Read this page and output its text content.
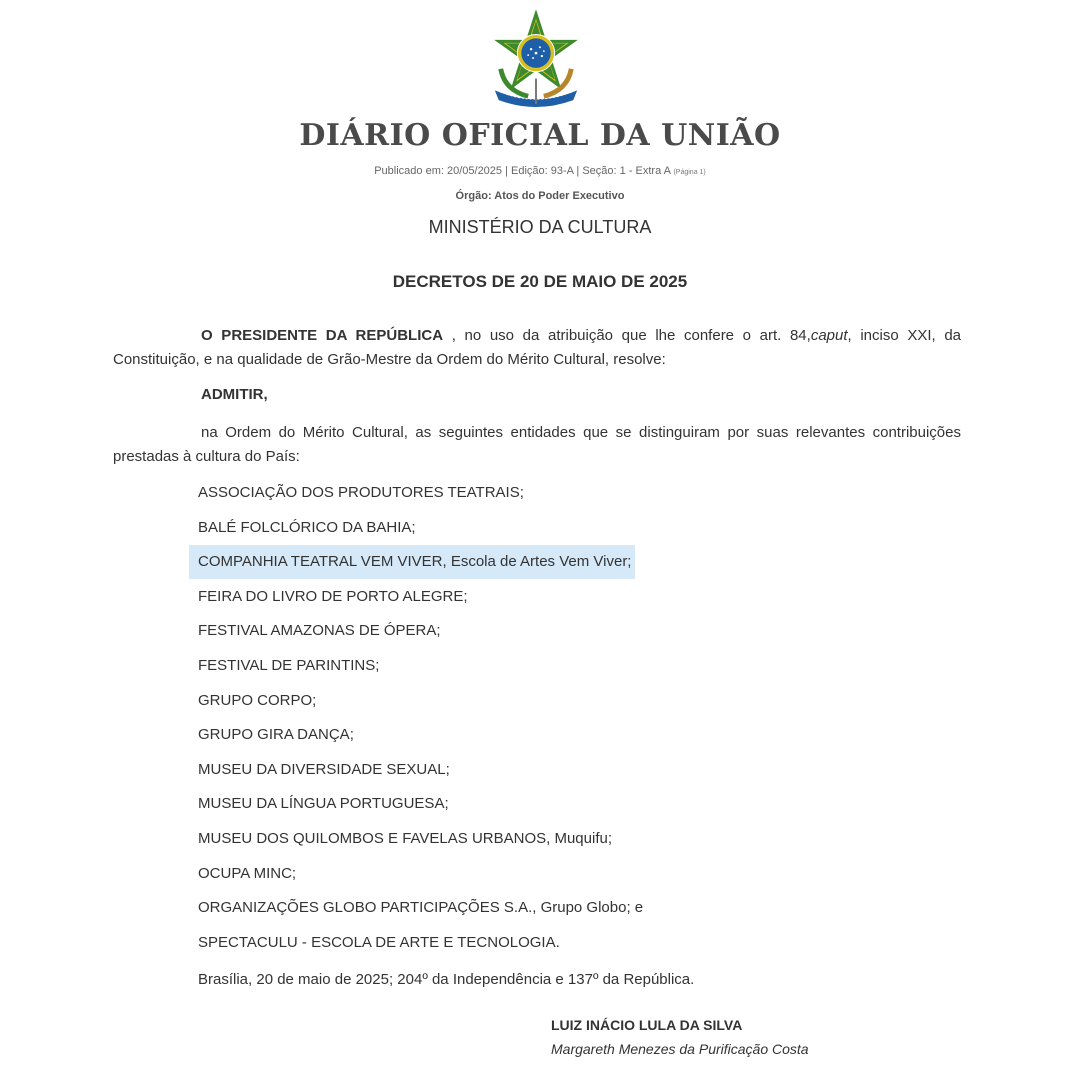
DIÁRIO OFICIAL DA UNIÃO
Publicado em: 20/05/2025 | Edição: 93-A | Seção: 1 - Extra A (Página 1)
Órgão: Atos do Poder Executivo
MINISTÉRIO DA CULTURA
DECRETOS DE 20 DE MAIO DE 2025
O PRESIDENTE DA REPÚBLICA , no uso da atribuição que lhe confere o art. 84,caput, inciso XXI, da Constituição, e na qualidade de Grão-Mestre da Ordem do Mérito Cultural, resolve:
ADMITIR,
na Ordem do Mérito Cultural, as seguintes entidades que se distinguiram por suas relevantes contribuições prestadas à cultura do País:
ASSOCIAÇÃO DOS PRODUTORES TEATRAIS;
BALÉ FOLCLÓRICO DA BAHIA;
COMPANHIA TEATRAL VEM VIVER, Escola de Artes Vem Viver;
FEIRA DO LIVRO DE PORTO ALEGRE;
FESTIVAL AMAZONAS DE ÓPERA;
FESTIVAL DE PARINTINS;
GRUPO CORPO;
GRUPO GIRA DANÇA;
MUSEU DA DIVERSIDADE SEXUAL;
MUSEU DA LÍNGUA PORTUGUESA;
MUSEU DOS QUILOMBOS E FAVELAS URBANOS, Muquifu;
OCUPA MINC;
ORGANIZAÇÕES GLOBO PARTICIPAÇÕES S.A., Grupo Globo; e
SPECTACULU - ESCOLA DE ARTE E TECNOLOGIA.
Brasília, 20 de maio de 2025; 204º da Independência e 137º da República.
LUIZ INÁCIO LULA DA SILVA
Margareth Menezes da Purificação Costa
